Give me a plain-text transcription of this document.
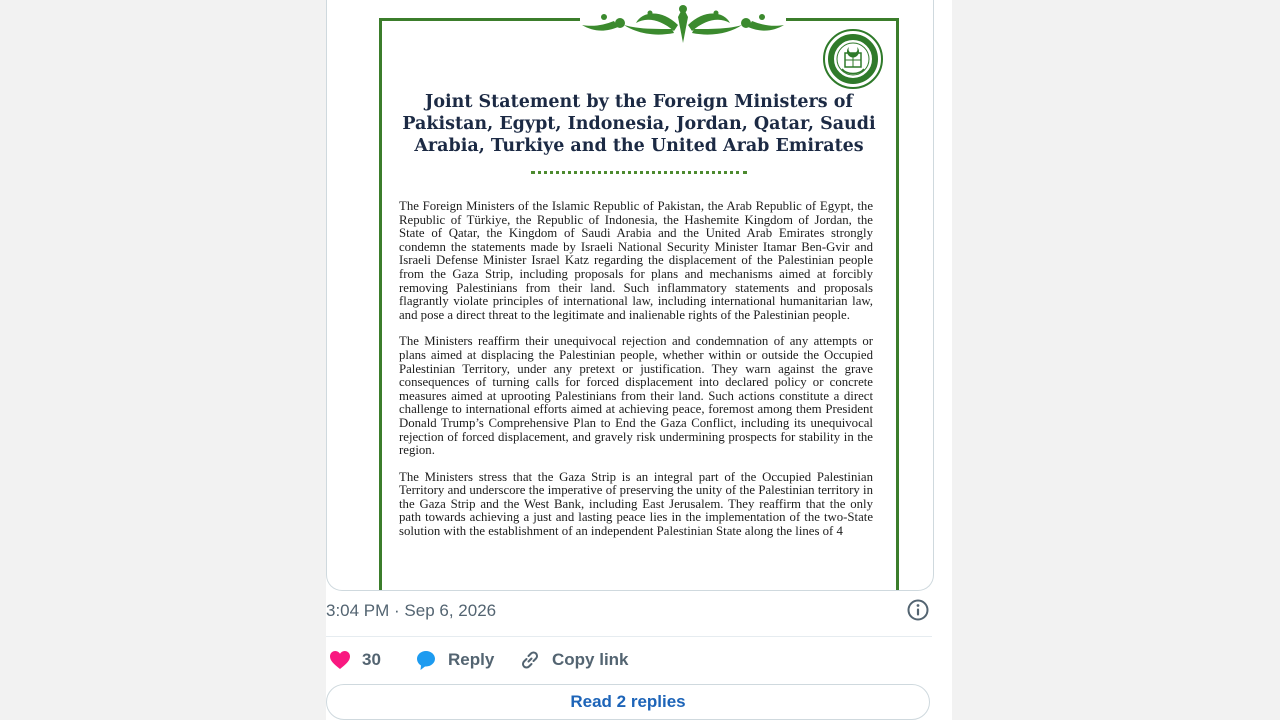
Joint Statement by the Foreign Ministers of
Pakistan, Egypt, Indonesia, Jordan, Qatar, Saudi
Arabia, Turkiye and the United Arab Emirates

The Foreign Ministers of the Islamic Republic of Pakistan, the Arab Republic of Egypt, the Republic of Türkiye, the Republic of Indonesia, the Hashemite Kingdom of Jordan, the State of Qatar, the Kingdom of Saudi Arabia and the United Arab Emirates strongly condemn the statements made by Israeli National Security Minister Itamar Ben-Gvir and Israeli Defense Minister Israel Katz regarding the displacement of the Palestinian people from the Gaza Strip, including proposals for plans and mechanisms aimed at forcibly removing Palestinians from their land. Such inflammatory statements and proposals flagrantly violate principles of international law, including international humanitarian law, and pose a direct threat to the legitimate and inalienable rights of the Palestinian people.

The Ministers reaffirm their unequivocal rejection and condemnation of any attempts or plans aimed at displacing the Palestinian people, whether within or outside the Occupied Palestinian Territory, under any pretext or justification. They warn against the grave consequences of turning calls for forced displacement into declared policy or concrete measures aimed at uprooting Palestinians from their land. Such actions constitute a direct challenge to international efforts aimed at achieving peace, foremost among them President Donald Trump’s Comprehensive Plan to End the Gaza Conflict, including its unequivocal rejection of forced displacement, and gravely risk undermining prospects for stability in the region.

The Ministers stress that the Gaza Strip is an integral part of the Occupied Palestinian Territory and underscore the imperative of preserving the unity of the Palestinian territory in the Gaza Strip and the West Bank, including East Jerusalem. They reaffirm that the only path towards achieving a just and lasting peace lies in the implementation of the two-State solution with the establishment of an independent Palestinian State along the lines of 4

3:04 PM · Sep 6, 2026
30	Reply	Copy link
Read 2 replies
